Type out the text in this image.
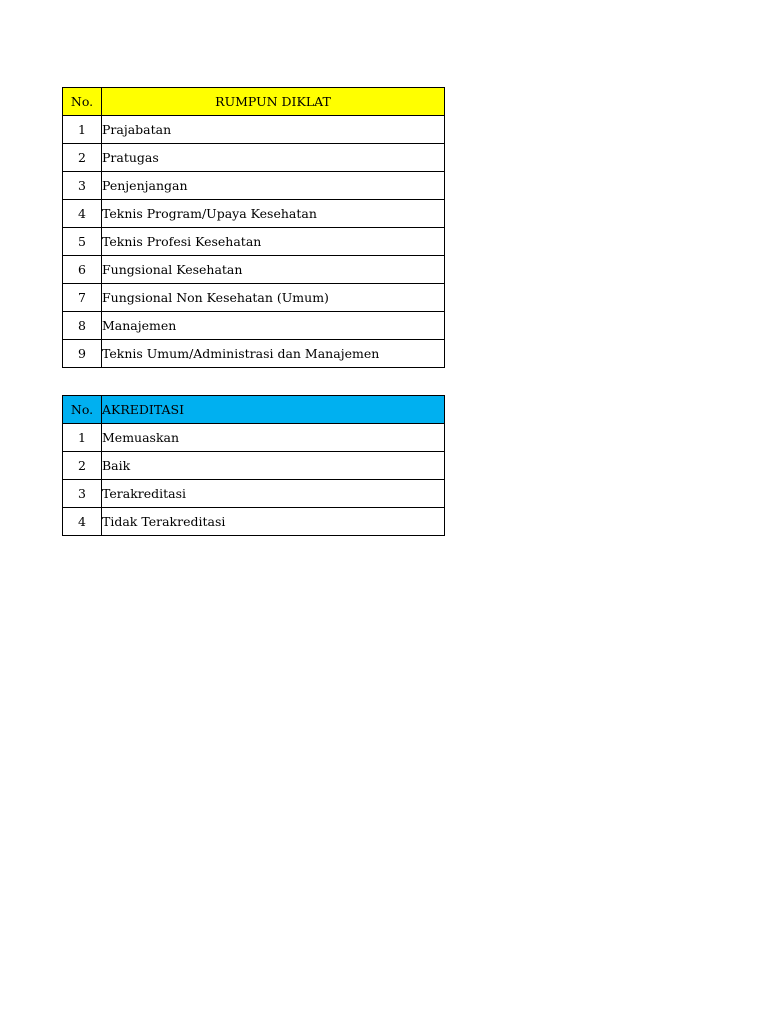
No.	RUMPUN DIKLAT
1	Prajabatan
2	Pratugas
3	Penjenjangan
4	Teknis Program/Upaya Kesehatan
5	Teknis Profesi Kesehatan
6	Fungsional Kesehatan
7	Fungsional Non Kesehatan (Umum)
8	Manajemen
9	Teknis Umum/Administrasi dan Manajemen
No.	AKREDITASI
1	Memuaskan
2	Baik
3	Terakreditasi
4	Tidak Terakreditasi
